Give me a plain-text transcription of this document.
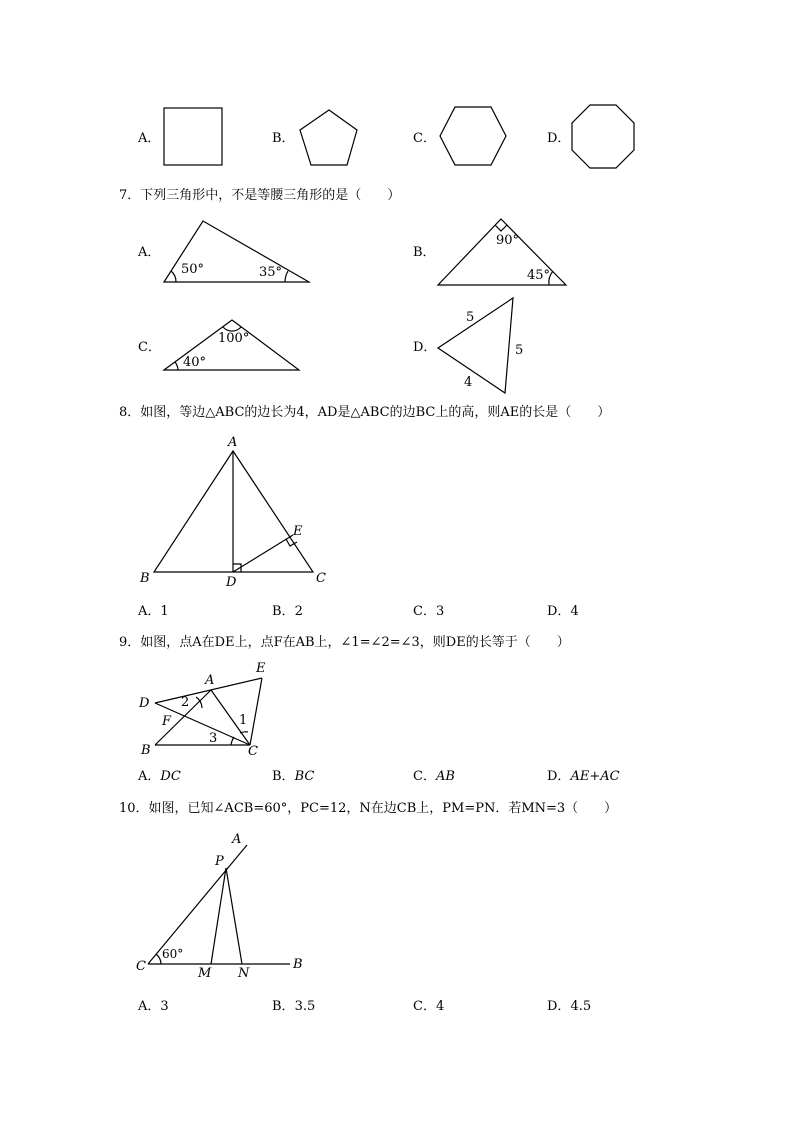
A．	B．	C．	D．
7．下列三角形中，不是等腰三角形的是（　　）
A．
50°	35°
B．
90°
45°
C．
100°
40°
D．
5
5
4
8．如图，等边△ABC的边长为4，AD是△ABC的边BC上的高，则AE的长是（　　）
A
B	C
D
E
A．1	B．2	C．3	D．4
9．如图，点A在DE上，点F在AB上，∠1=∠2=∠3，则DE的长等于（　　）
A
E
D
F
B	C
2
1
3
A．DC	B．BC	C．AB	D．AE+AC
10．如图，已知∠ACB=60°，PC=12，N在边CB上，PM=PN．若MN=3（　　）
A
P
C	M N
B
60°
A．3	B．3.5	C．4	D．4.5
